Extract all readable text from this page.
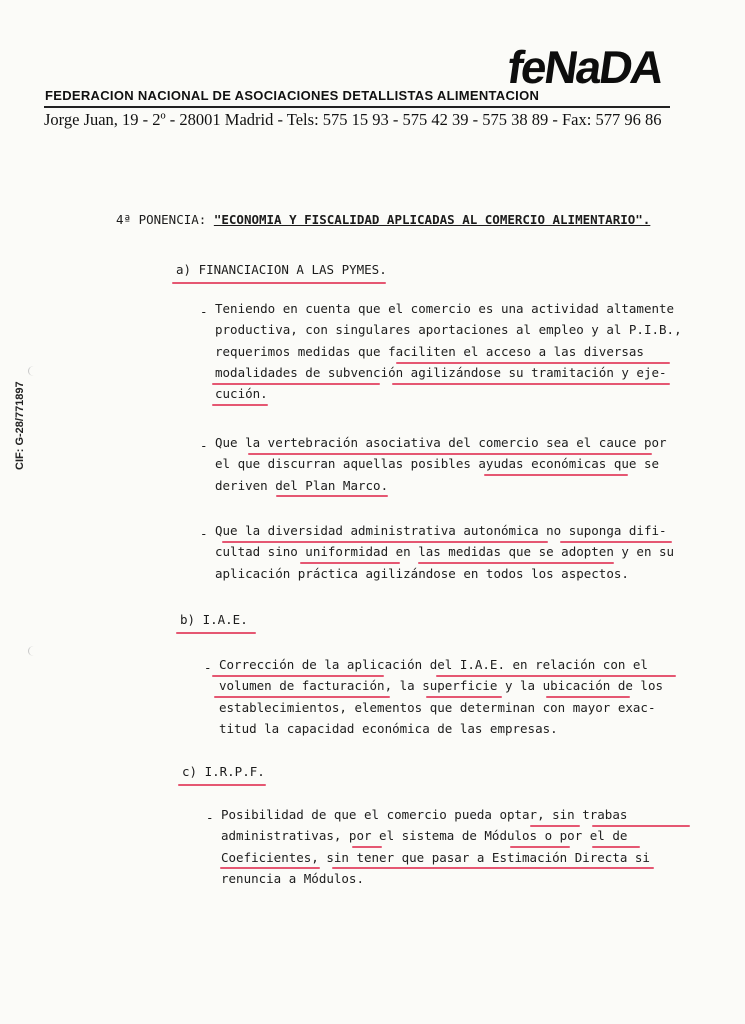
feNaDA
FEDERACION NACIONAL DE ASOCIACIONES DETALLISTAS ALIMENTACION
Jorge Juan, 19 - 2º - 28001 Madrid - Tels: 575 15 93 - 575 42 39 - 575 38 89 - Fax: 577 96 86
CIF: G-28/771897
4ª PONENCIA: "ECONOMIA Y FISCALIDAD APLICADAS AL COMERCIO ALIMENTARIO".
a) FINANCIACION A LAS PYMES.
- Teniendo en cuenta que el comercio es una actividad altamente
productiva, con singulares aportaciones al empleo y al P.I.B.,
requerimos medidas que faciliten el acceso a las diversas
modalidades de subvención agilizándose su tramitación y eje-
cución.
- Que la vertebración asociativa del comercio sea el cauce por
el que discurran aquellas posibles ayudas económicas que se
deriven del Plan Marco.
- Que la diversidad administrativa autonómica no suponga difi-
cultad sino uniformidad en las medidas que se adopten y en su
aplicación práctica agilizándose en todos los aspectos.
b) I.A.E.
- Corrección de la aplicación del I.A.E. en relación con el
volumen de facturación, la superficie y la ubicación de los
establecimientos, elementos que determinan con mayor exac-
titud la capacidad económica de las empresas.
c) I.R.P.F.
- Posibilidad de que el comercio pueda optar, sin trabas
administrativas, por el sistema de Módulos o por el de
Coeficientes, sin tener que pasar a Estimación Directa si
renuncia a Módulos.
